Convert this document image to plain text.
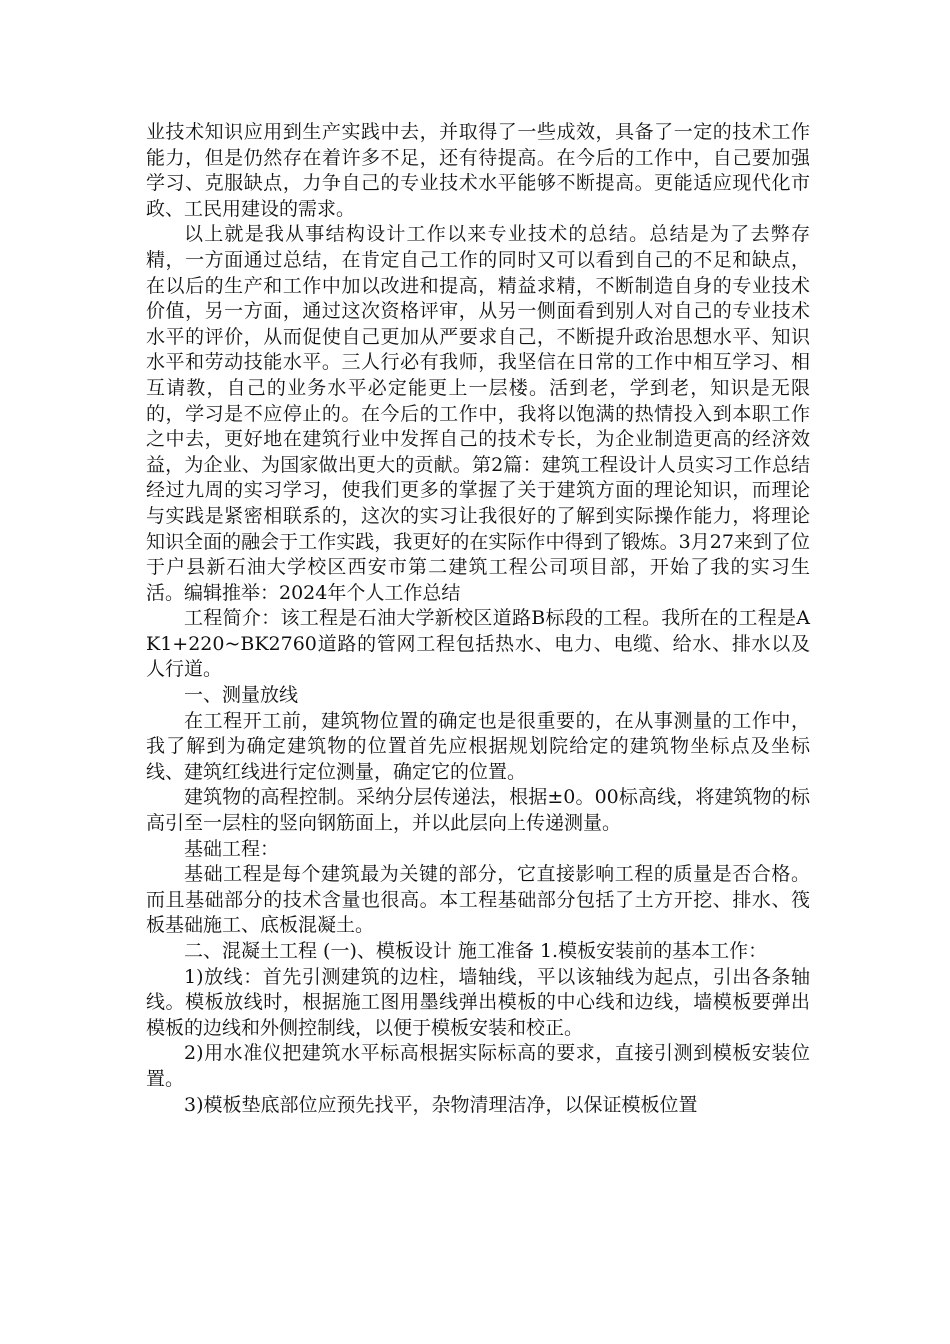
业技术知识应用到生产实践中去，并取得了一些成效，具备了一定的技术工作能力，但是仍然存在着许多不足，还有待提高。在今后的工作中，自己要加强学习、克服缺点，力争自己的专业技术水平能够不断提高。更能适应现代化市政、工民用建设的需求。

以上就是我从事结构设计工作以来专业技术的总结。总结是为了去弊存精，一方面通过总结，在肯定自己工作的同时又可以看到自己的不足和缺点，在以后的生产和工作中加以改进和提高，精益求精，不断制造自身的专业技术价值，另一方面，通过这次资格评审，从另一侧面看到别人对自己的专业技术水平的评价，从而促使自己更加从严要求自己，不断提升政治思想水平、知识水平和劳动技能水平。三人行必有我师，我坚信在日常的工作中相互学习、相互请教，自己的业务水平必定能更上一层楼。活到老，学到老，知识是无限的，学习是不应停止的。在今后的工作中，我将以饱满的热情投入到本职工作之中去，更好地在建筑行业中发挥自己的技术专长，为企业制造更高的经济效益，为企业、为国家做出更大的贡献。第2篇：建筑工程设计人员实习工作总结经过九周的实习学习，使我们更多的掌握了关于建筑方面的理论知识，而理论与实践是紧密相联系的，这次的实习让我很好的了解到实际操作能力，将理论知识全面的融会于工作实践，我更好的在实际作中得到了锻炼。3月27来到了位于户县新石油大学校区西安市第二建筑工程公司项目部，开始了我的实习生活。编辑推举：2024年个人工作总结

工程简介：该工程是石油大学新校区道路B标段的工程。我所在的工程是AK1+220~BK2760道路的管网工程包括热水、电力、电缆、给水、排水以及人行道。

一、测量放线

在工程开工前，建筑物位置的确定也是很重要的，在从事测量的工作中，我了解到为确定建筑物的位置首先应根据规划院给定的建筑物坐标点及坐标线、建筑红线进行定位测量，确定它的位置。

建筑物的高程控制。采纳分层传递法，根据±0。00标高线，将建筑物的标高引至一层柱的竖向钢筋面上，并以此层向上传递测量。

基础工程：

基础工程是每个建筑最为关键的部分，它直接影响工程的质量是否合格。而且基础部分的技术含量也很高。本工程基础部分包括了土方开挖、排水、筏板基础施工、底板混凝土。

二、混凝土工程 (一)、模板设计 施工准备 1.模板安装前的基本工作：

1)放线：首先引测建筑的边柱，墙轴线，平以该轴线为起点，引出各条轴线。模板放线时，根据施工图用墨线弹出模板的中心线和边线，墙模板要弹出模板的边线和外侧控制线，以便于模板安装和校正。

2)用水准仪把建筑水平标高根据实际标高的要求，直接引测到模板安装位置。

3)模板垫底部位应预先找平，杂物清理洁净，以保证模板位置
